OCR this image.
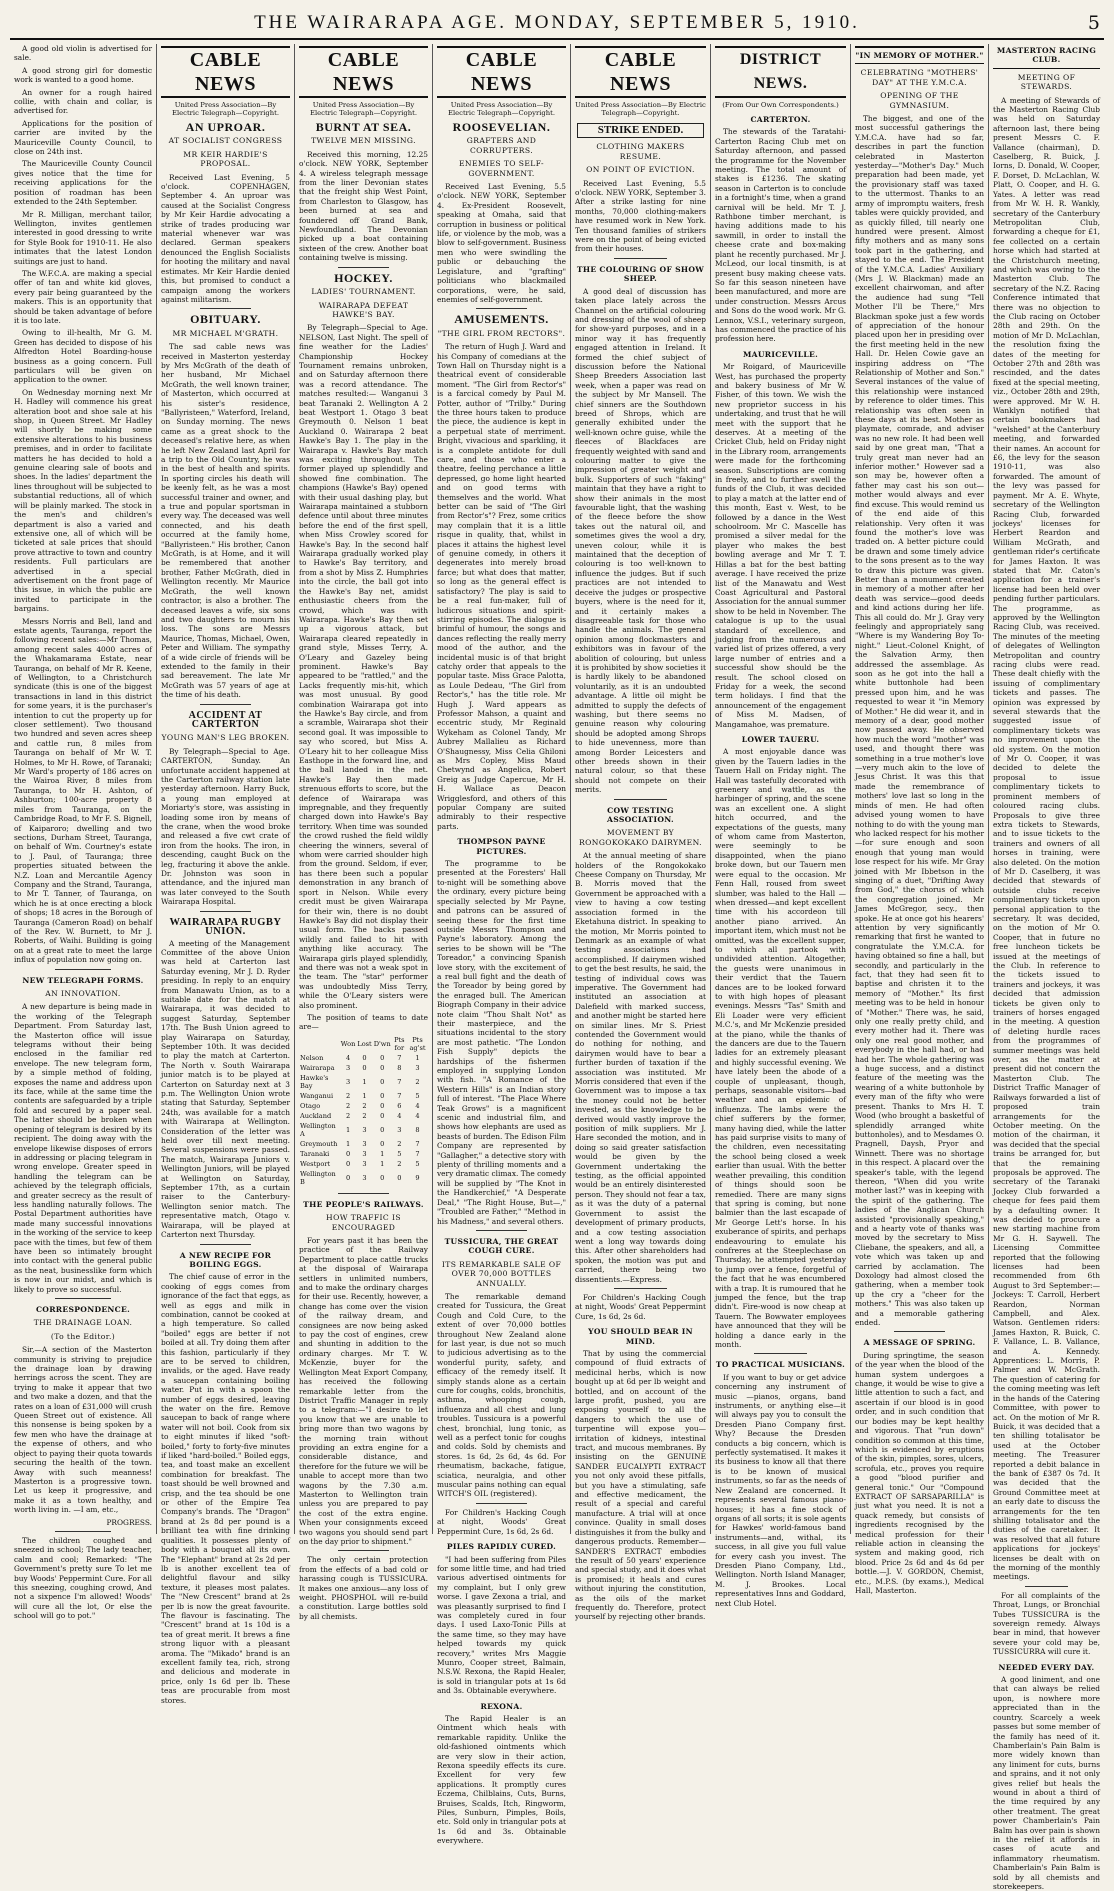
THE WAIRARAPA AGE. MONDAY, SEPTEMBER 5, 1910.	5

A good old violin is advertised for sale.

A good strong girl for domestic work is wanted to a good home.

An owner for a rough haired collie, with chain and collar, is advertised for.

Applications for the position of carrier are invited by the Mauriceville County Council, to close on 24th inst.

The Mauriceville County Council gives notice that the time for receiving applications for the position of roadman has been extended to the 24th September.

Mr R. Milligan, merchant tailor, Wellington, invites gentlemen interested in good dressing to write for Style Book for 1910-11. He also intimates that the latest London suitings are just to hand.

The W.F.C.A. are making a special offer of tan and white kid gloves, every pair being guaranteed by the makers. This is an opportunity that should be taken advantage of before it is too late.

Owing to ill-health, Mr G. M. Green has decided to dispose of his Alfredton Hotel Boarding-house business as a going concern. Full particulars will be given on application to the owner.

On Wednesday morning next Mr H. Hadley will commence his great alteration boot and shoe sale at his shop, in Queen Street. Mr Hadley will shortly be making some extensive alterations to his business premises, and in order to facilitate matters he has decided to hold a genuine clearing sale of boots and shoes. In the ladies' department the lines throughout will be subjected to substantial reductions, all of which will be plainly marked. The stock in the men's and children's department is also a varied and extensive one, all of which will be ticketed at sale prices that should prove attractive to town and country residents. Full particulars are advertised in a special advertisement on the front page of this issue, in which the public are invited to participate in the bargains.

Messrs Norris and Bell, land and estate agents, Tauranga, report the following recent sales:—Mr Thomas, among recent sales 4000 acres of the Whakamarama Estate, near Tauranga, on behalf of Mr R. Keene, of Wellington, to a Christchurch syndicate (this is one of the biggest transactions in land in this district for some years, it is the purchaser's intention to cut the property up for closer settlement). Two thousand two hundred and seven acres sheep and cattle run, 8 miles from Tauranga on behalf of Mr W. T. Holmes, to Mr H. Rowe, of Taranaki; Mr Ward's property of 186 acres on the Wairoa River, 8 miles from Tauranga, to Mr H. Ashton, of Ashburton; 100-acre property 8 miles from Tauranga, on the Cambridge Road, to Mr F. S. Bignell, of Kaiparoro; dwelling and two sections, Durham Street, Tauranga, on behalf of Wm. Courtney's estate to J. Paul, of Tauranga; three properties situated between the N.Z. Loan and Mercantile Agency Company and the Strand, Tauranga, to Mr T. Tanner, of Tauranga, on which he is at once erecting a block of shops; 18 acres in the Borough of Tauranga (Cameron Road) on behalf of the Rev. W. Burnett, to Mr J. Roberts, of Waihi. Building is going on at a great rate to meet the large influx of population now going on.

NEW TELEGRAPH FORMS.
AN INNOVATION.

A new departure is being made in the working of the Telegraph Department. From Saturday last, the Masterton office will issue telegrams without their being enclosed in the familiar red envelope. The new telegram form, by a simple method of folding, exposes the name and address upon its face, while at the same time the contents are safeguarded by a triple fold and secured by a paper seal. The latter should be broken when opening of telegram is desired by its recipient. The doing away with the envelope likewise disposes of errors in addressing or placing telegram in wrong envelope. Greater speed in handling the telegram can be achieved by the telegraph officials, and greater secrecy as the result of less handling naturally follows. The Postal Department authorities have made many successful innovations in the working of the service to keep pace with the times, but few of them have been so intimately brought into contact with the general public as the neat, businesslike form which is now in our midst, and which is likely to prove so successful.

CORRESPONDENCE.
THE DRAINAGE LOAN.
(To the Editor.)

Sir,—A section of the Masterton community is striving to prejudice the drainage loan by drawing herrings across the scent. They are trying to make it appear that two and two make a dozen, and that the rates on a loan of £31,000 will crush Queen Street out of existence. All this nonsense is being spoken by a few men who have the drainage at the expense of others, and who object to paying their quota towards securing the health of the town. Away with such meanness! Masterton is a progressive town. Let us keep it progressive, and make it as a town healthy, and worth living in. —I am, etc.,

PROGRESS.

The children coughed and sneezed in school; The lady teacher, calm and cool; Remarked: "The Government's pretty sure To let me buy Woods' Peppermint Cure. For all this sneezing, coughing crowd, And not a sixpence I'm allowed! Woods' will cure all the lot, Or else the school will go to pot."

CABLE NEWS
United Press Association—By Electric Telegraph—Copyright.
AN UPROAR.
AT SOCIALIST CONGRESS
MR KEIR HARDIE'S PROPOSAL.

Received Last Evening, 5 o'clock. COPENHAGEN, September 4. An uproar was caused at the Socialist Congress by Mr Keir Hardie advocating a strike of trades producing war material whenever war was declared. German speakers denounced the English Socialists for hooting the military and naval estimates. Mr Keir Hardie denied this, but promised to conduct a campaign among the workers against militarism.

OBITUARY.
MR MICHAEL M'GRATH.

The sad cable news was received in Masterton yesterday by Mrs McGrath of the death of her husband, Mr Michael McGrath, the well known trainer, of Masterton, which occurred at his sister's residence, "Ballyristeen," Waterford, Ireland, on Sunday morning. The news came as a great shock to the deceased's relative here, as when he left New Zealand last April for a trip to the Old Country, he was in the best of health and spirits. In sporting circles his death will be keenly felt, as he was a most successful trainer and owner, and a true and popular sportsman in every way. The deceased was well connected, and his death occurred at the family home, "Ballyristeen." His brother, Canon McGrath, is at Home, and it will be remembered that another brother, Father McGrath, died in Wellington recently. Mr Maurice McGrath, the well known contractor, is also a brother. The deceased leaves a wife, six sons and two daughters to mourn his loss. The sons are Messrs Maurice, Thomas, Michael, Owen, Peter and William. The sympathy of a wide circle of friends will be extended to the family in their sad bereavement. The late Mr McGrath was 57 years of age at the time of his death.

ACCIDENT AT CARTERTON
YOUNG MAN'S LEG BROKEN.

By Telegraph—Special to Age. CARTERTON, Sunday. An unfortunate accident happened at the Carterton railway station late yesterday afternoon. Harry Buck, a young man employed at Moriarty's store, was assisting in loading some iron by means of the crane, when the wood broke and released a five cwt crate of iron from the hooks. The iron, in descending, caught Buck on the leg, fracturing it above the ankle. Dr. Johnston was soon in attendance, and the injured man was later conveyed to the South Wairarapa Hospital.

WAIRARAPA RUGBY UNION.

A meeting of the Management Committee of the above Union was held at Carterton last Saturday evening, Mr J. D. Ryder presiding. In reply to an enquiry from Manawatu Union, as to a suitable date for the match at Wairarapa, it was decided to suggest Saturday, September 17th. The Bush Union agreed to play Wairarapa on Saturday, September 10th. It was decided to play the match at Carterton. The North v. South Wairarapa junior match is to be played at Carterton on Saturday next at 3 p.m. The Wellington Union wrote stating that Saturday, September 24th, was available for a match with Wairarapa at Wellington. Consideration of the letter was held over till next meeting. Several suspensions were passed. The match, Wairarapa Juniors v. Wellington Juniors, will be played at Wellington on Saturday, September 17th, as a curtain raiser to the Canterbury-Wellington senior match. The representative match, Otago v. Wairarapa, will be played at Carterton next Thursday.

A NEW RECIPE FOR BOILING EGGS.

The chief cause of error in the cooking of eggs comes from ignorance of the fact that eggs, as well as eggs and milk in combination, cannot be cooked at a high temperature. So called "boiled" eggs are better if not boiled at all. Try doing them after this fashion, particularly if they are to be served to children, invalids, or the aged. Have ready a saucepan containing boiling water. Put in with a spoon the number of eggs desired, leaving the water on the fire. Remove saucepan to back of range where water will not boil. Cook from six to eight minutes if liked "soft-boiled," forty to forty-five minutes if liked "hard-boiled." Boiled eggs, tea, and toast make an excellent combination for breakfast. The toast should be well browned and crisp, and the tea should be one or other of the Empire Tea Company's brands. The "Dragon" brand at 2s 8d per pound is a brilliant tea with fine drinking qualities. It possesses plenty of body with a bouquet all its own. The "Elephant" brand at 2s 2d per lb is another excellent tea of delightful flavour and silky texture, it pleases most palates. The "New Crescent" brand at 2s per lb is now the great favourite. The flavour is fascinating. The "Crescent" brand at 1s 10d is a tea of great merit. It brews a fine strong liquor with a pleasant aroma. The "Mikado" brand is an excellent family tea, rich, strong and delicious and moderate in price, only 1s 6d per lb. These teas are procurable from most stores.

CABLE NEWS
United Press Association—By Electric Telegraph—Copyright.
BURNT AT SEA.
TWELVE MEN MISSING.

Received this morning, 12.25 o'clock. NEW YORK, September 4. A wireless telegraph message from the liner Devonian states that the freight ship West Point, from Charleston to Glasgow, has been burned at sea and foundered off Grand Bank, Newfoundland. The Devonian picked up a boat containing sixteen of the crew. Another boat containing twelve is missing.

HOCKEY.
LADIES' TOURNAMENT.
WAIRARAPA DEFEAT HAWKE'S BAY.

By Telegraph—Special to Age. NELSON, Last Night. The spell of fine weather for the Ladies' Championship Hockey Tournament remains unbroken, and on Saturday afternoon there was a record attendance. The matches resulted:— Wanganui 3 beat Taranaki 2. Wellington A 2 beat Westport 1. Otago 3 beat Greymouth 0. Nelson 1 beat Auckland 0. Wairarapa 2 beat Hawke's Bay 1. The play in the Wairarapa v. Hawke's Bay match was exciting throughout. The former played up splendidly and showed fine combination. The champions (Hawke's Bay) opened with their usual dashing play, but Wairarapa maintained a stubborn defence until about three minutes before the end of the first spell, when Miss Crowley scored for Hawke's Bay. In the second half Wairarapa gradually worked play to Hawke's Bay territory, and from a shot by Miss Z. Humphries into the circle, the ball got into the Hawke's Bay net, amidst enthusiastic cheers from the crowd, which was with Wairarapa. Hawke's Bay then set up a vigorous attack, but Wairarapa cleared repeatedly in grand style, Misses Terry, A. O'Leary and Gazeley being prominent. Hawke's Bay appeared to be "rattled," and the Lacks frequently mis-hit, which was most unusual. By good combination Wairarapa got into the Hawke's Bay circle, and from a scramble, Wairarapa shot their second goal. It was impossible to say who scored, but Miss A. O'Leary hit to her colleague Miss Easthope in the forward line, and the ball landed in the net. Hawke's Bay then made strenuous efforts to score, but the defence of Wairarapa was impregnable, and they frequently charged down into Hawke's Bay territory. When time was sounded the crowd rushed the field wildly cheering the winners, several of whom were carried shoulder high from the ground. Seldom, if ever, has there been such a popular demonstration in any branch of sport in Nelson. While every credit must be given Wairarapa for their win, there is no doubt Hawke's Bay did not display their usual form. The backs passed wildly and failed to hit with anything like accuracy. The Wairarapa girls played splendidly, and there was not a weak spot in the team. The "star" performer was undoubtedly Miss Terry, while the O'Leary sisters were also prominent.

The position of teams to date are—

	Won	Lost	D'wn	Pts for	Pts ag'st
Nelson	4	0	0	7	1
Wairarapa	3	0	0	8	3
Hawke's Bay	3	1	0	7	2
Wanganui	2	1	0	7	5
Otago	2	2	0	6	4
Auckland	2	2	0	4	4
Wellington A	1	3	0	3	8
Greymouth	1	3	0	2	7
Taranaki	0	3	1	5	7
Westport	0	3	1	2	5
Wellington B	0	3	0	0	9
THE PEOPLE'S RAILWAYS.
HOW TRAFFIC IS ENCOURAGED

For years past it has been the practice of the Railway Department to place cattle trucks at the disposal of Wairarapa settlers in unlimited numbers, and to make the ordinary charges for their use. Recently, however, a change has come over the vision of the railway dream, and consignees are now being asked to pay the cost of engines, crew and shunting in addition to the ordinary charges. Mr T. W. McKenzie, buyer for the Wellington Meat Export Company, has received the following remarkable letter from the District Traffic Manager in reply to a telegram:—"I desire to let you know that we are unable to bring more than two wagons by the morning train without providing an extra engine for a considerable distance, and therefore for the future we will be unable to accept more than two wagons by the 7.30 a.m. Masterton to Wellington train unless you are prepared to pay the cost of the extra engine. When your consignments exceed two wagons you should send part on the day prior to shipment."

The only certain protection from the effects of a bad cold or harassing cough is TUSSICURA. It makes one anxious—any loss of weight. PHOSPHOL will re-build a constitution. Large bottles sold by all chemists.

CABLE NEWS
United Press Association—By Electric Telegraph—Copyright.
ROOSEVELIAN.
GRAFTERS AND CORRUPTERS.
ENEMIES TO SELF-GOVERNMENT.

Received Last Evening, 5.5 o'clock. NEW YORK, September 4. Ex-President Roosevelt, speaking at Omaha, said that corruption in business or political life, or violence by the mob, was a blow to self-government. Business men who were swindling the public or debauching the Legislature, and "grafting" politicians who blackmailed corporations, were, he said, enemies of self-government.

AMUSEMENTS.
"THE GIRL FROM RECTORS".

The return of Hugh J. Ward and his Company of comedians at the Town Hall on Thursday night is a theatrical event of considerable moment. "The Girl from Rector's" is a farcical comedy by Paul M. Potter, author of "Trilby." During the three hours taken to produce the piece, the audience is kept in a perpetual state of merriment. Bright, vivacious and sparkling, it is a complete antidote for dull care, and those who enter a theatre, feeling perchance a little depressed, go home light hearted and on good terms with themselves and the world. What better can be said of "The Girl from Rector's"? Frez, some critics may complain that it is a little risque in quality, that, whilst in places it attains the highest level of genuine comedy, in others it degenerates into merely broad farce; but what does that matter, so long as the general effect is satisfactory? The play is said to be a real fun-maker, full of ludicrous situations and spirit-stirring episodes. The dialogue is brimful of humour, the songs and dances reflecting the really merry mood of the author, and the incidental music is of that bright catchy order that appeals to the popular taste. Miss Grace Palotta, as Loule Dedeau, "The Girl from Rector's," has the title role. Mr Hugh J. Ward appears as Professor Mahson, a quaint and eccentric study, Mr Reginald Wykeham as Colonel Tandy, Mr Aubrey Mallalieu as Richard O'Shaugnessy, Miss Celia Ghiloni as Mrs Copley, Miss Maud Chetwynd as Angelica, Robert Greig as Judge Capercue, Mr H. H. Wallace as Deacon Wrigglesford, and others of this popular Company are suited admirably to their respective parts.

THOMPSON PAYNE PICTURES.

The programme to be presented at the Foresters' Hall to-night will be something above the ordinary, every picture being specially selected by Mr Payne, and patrons can be assured of seeing these for the first time outside Messrs Thompson and Payne's laboratory. Among the series to be shown will be "The Toreador," a convincing Spanish love story, with the excitement of a real bull fight and the death of the Toreador by being gored by the enraged bull. The American Biograph Company in their advice note claim "Thou Shalt Not" as their masterpiece, and the situations incidental to the story are most pathetic. "The London Fish Supply" depicts the hardships of the fishermen employed in supplying London with fish. "A Romance of the Western Hills" is an Indian story full of interest. "The Place Where Teak Grows" is a magnificent scenic and industrial film, and shows how elephants are used as beasts of burden. The Edison Film Company are represented by "Gallagher," a detective story with plenty of thrilling moments and a very dramatic climax. The comedy will be supplied by "The Knot in the Handkerchief," "A Desperate Deal," "The Right House, But—," "Troubled are Father," "Method in his Madness," and several others.

TUSSICURA, THE GREAT COUGH CURE.
ITS REMARKABLE SALE OF OVER 70,000 BOTTLES ANNUALLY.

The remarkable demand created for Tussicura, the Great Cough and Cold Cure, to the extent of over 70,000 bottles throughout New Zealand alone for last year, is due not so much to judicious advertising as to the wonderful purity, safety, and efficacy of the remedy itself. It simply stands alone as a certain cure for coughs, colds, bronchitis, asthma, whooping cough, influenza and all chest and lung troubles. Tussicura is a powerful chest, bronchial, lung tonic, as well as a perfect tonic for coughs and colds. Sold by chemists and stores. 1s 6d, 2s 6d, 4s 6d. For rheumatism, backache, fatigue, sciatica, neuralgia, and other muscular pains nothing can equal WITCH'S OIL (registered).

For Children's Hacking Cough at night, Woods' Great Peppermint Cure, 1s 6d, 2s 6d.

PILES RAPIDLY CURED.

"I had been suffering from Piles for some little time, and had tried various advertised ointments for my complaint, but I only grew worse. I gave Zexona a trial, and was pleasantly surprised to find I was completely cured in four days. I used Laxo-Tonic Pills at the same time, so they may have helped towards my quick recovery," writes Mrs Maggie Munro, Cooper street, Balmain, N.S.W. Rexona, the Rapid Healer, is sold in triangular pots at 1s 6d and 3s. Obtainable everywhere.

REXONA.

The Rapid Healer is an Ointment which heals with remarkable rapidity. Unlike the old-fashioned ointments which are very slow in their action, Rexona speedily effects its cure. Excellent for very few applications. It promptly cures Eczema, Chilblains, Cuts, Burns, Bruises, Scalds, Itch, Ringworm, Piles, Sunburn, Pimples, Boils, etc. Sold only in triangular pots at 1s 6d and 3s. Obtainable everywhere.

CABLE NEWS
United Press Association—By Electric Telegraph—Copyright.
STRIKE ENDED.
CLOTHING MAKERS RESUME.
ON POINT OF EVICTION.

Received Last Evening, 5.5 o'clock. NEW YORK, September 3. After a strike lasting for nine months, 70,000 clothing-makers have resumed work in New York. Ten thousand families of strikers were on the point of being evicted from their houses.

THE COLOURING OF SHOW SHEEP.

A good deal of discussion has taken place lately across the Channel on the artificial colouring and dressing of the wool of sheep for show-yard purposes, and in a minor way it has frequently engaged attention in Ireland. It formed the chief subject of discussion before the National Sheep Breeders Association last week, when a paper was read on the subject by Mr Mansell. The chief sinners are the Southdown breed of Shrops, which are generally exhibited under the well-known ochre guise, while the fleeces of Blackfaces are frequently weighted with sand and colouring matter to give the impression of greater weight and bulk. Supporters of such "faking" maintain that they have a right to show their animals in the most favourable light, that the washing of the fleece before the show takes out the natural oil, and sometimes gives the wool a dry, uneven colour, while it is maintained that the deception of colouring is too well-known to influence the judges. But if such practices are not intended to deceive the judges or prospective buyers, where is the need for it, and it certainly makes a disagreeable task for those who handle the animals. The general opinion among flockmasters and exhibitors was in favour of the abolition of colouring, but unless it is prohibited by show societies it is hardly likely to be abandoned voluntarily, as it is an undoubted advantage. A little oil might be admitted to supply the defects of washing, but there seems no genuine reason why colouring should be adopted among Shrops to hide unevenness, more than among Border Leicesters and other breeds shown in their natural colour, so that these should not compete on their merits.

COW TESTING ASSOCIATION.
MOVEMENT BY RONGOKOKAKO DAIRYMEN.

At the annual meeting of share holders of the Rongokokako Cheese Company on Thursday, Mr B. Morris moved that the Government be approached with a view to having a cow testing association formed in the Eketahuna district. In speaking to the motion, Mr Morris pointed to Denmark as an example of what testing associations had accomplished. If dairymen wished to get the best results, he said, the testing of individual cows was imperative. The Government had instituted an association at Dalefield with marked success, and another might be started here on similar lines. Mr S. Priest contended the Government would do nothing for nothing, and dairymen would have to bear a further burden of taxation if the association was instituted. Mr Morris considered that even if the Government was to impose a tax the money could not be better invested, as the knowledge to be derived would vastly improve the position of milk suppliers. Mr J. Hare seconded the motion, and in doing so said greater satisfaction would be given by the Government undertaking the testing, as the official appointed would be an entirely disinterested person. They should not fear a tax, as it was the duty of a paternal Government to assist the development of primary products, and a cow testing association went a long way towards doing this. After other shareholders had spoken, the motion was put and carried, there being two dissentients.—Express.

For Children's Hacking Cough at night, Woods' Great Peppermint Cure, 1s 6d, 2s 6d.

YOU SHOULD BEAR IN MIND.

That by using the commercial compound of fluid extracts of medicinal herbs, which is now bought up at 6d per lb weight and bottled, and on account of the large profit, pushed, you are exposing yourself to all the dangers to which the use of turpentine will expose you—irritation of kidneys, intestinal tract, and mucous membranes. By insisting on the GENUINE SANDER EUCALYPTI EXTRACT you not only avoid these pitfalls, but you have a stimulating, safe and effective medicament, the result of a special and careful manufacture. A trial will at once convince. Quality in small doses distinguishes it from the bulky and dangerous products. Remember—SANDER'S EXTRACT embodies the result of 50 years' experience and special study, and it does what is promised; it heals and cures without injuring the constitution, as the oils of the market frequently do. Therefore, protect yourself by rejecting other brands.

DISTRICT NEWS.
(From Our Own Correspondents.)
CARTERTON.

The stewards of the Taratahi-Carterton Racing Club met on Saturday afternoon, and passed the programme for the November meeting. The total amount of stakes is £1236. The skating season in Carterton is to conclude in a fortnight's time, when a grand carnival will be held. Mr T. J. Rathbone timber merchant, is having additions made to his sawmill, in order to install the cheese crate and box-making plant he recently purchased. Mr J. McLeod, our local tinsmith, is at present busy making cheese vats. So far this season nineteen have been manufactured, and more are under construction. Messrs Arcus and Sons do the wood work. Mr G. Lennox, V.S.I., veterinary surgeon, has commenced the practice of his profession here.

MAURICEVILLE.

Mr Roigard, of Mauriceville West, has purchased the property and bakery business of Mr W. Fisher, of this town. We wish the new proprietor success in his undertaking, and trust that he will meet with the support that he deserves. At a meeting of the Cricket Club, held on Friday night in the Library room, arrangements were made for the forthcoming season. Subscriptions are coming in freely, and to further swell the funds of the Club, it was decided to play a match at the latter end of this month, East v. West, to be followed by a dance in the West schoolroom. Mr C. Mascelle has promised a silver medal for the player who makes the best bowling average and Mr T. T. Hillas a bat for the best batting average. I have received the prize list of the Manawatu and West Coast Agricultural and Pastoral Association for the annual summer show to be held in November. The catalogue is up to the usual standard of excellence, and judging from the numerous and varied list of prizes offered, a very large number of entries and a successful show should be the result. The school closed on Friday for a week, the second term holidays. I find that the announcement of the engagement of Miss M. Madsen, of Mangamahoe, was premature.

LOWER TAUERU.

A most enjoyable dance was given by the Tauern ladies in the Tauern Hall on Friday night. The Hall was tastefully decorated with greenery and wattle, as the harbinger of spring, and the scene was an excellent one. A slight hitch occurred, and the expectations of the guests, many of whom came from Masterton, were seemingly to be disappointed, when the piano broke down, but our Tauern men were equal to the occasion. Mr Fenn Hall, roused from sweet slumber, was haled to the Hall —when dressed—and kept excellent time with his accordeon till another piano arrived. An important item, which must not be omitted, was the excellent supper, to which all partook with undivided attention. Altogether, the guests were unanimous in their verdict that the Tauern dances are to be looked forward to with high hopes of pleasant evenings. Messrs "Tas" Smith and Eli Loader were very efficient M.C.'s, and Mr McKenzie presided at the piano, while the thanks of the dancers are due to the Tauern ladies for an extremely pleasant and highly successful evening. We have lately been the abode of a couple of unpleasant, though, perhaps, seasonable visitors—bad weather and an epidemic of influenza. The lambs were the chief sufferers by the former, many having died, while the latter has paid surprise visits to many of the children, even necessitating the school being closed a week earlier than usual. With the better weather prevailing, this condition of things should soon be remedied. There are many signs that spring is coming, but none balmier than the last escapade of Mr George Lett's horse. In his exuberance of spirits, and perhaps endeavouring to emulate his confreres at the Steeplechase on Thursday, he attempted yesterday to jump over a fence, forgetful of the fact that he was encumbered with a trap. It is rumoured that he jumped the fence, but the trap didn't. Fire-wood is now cheap at Tauern. The Bowwater employees have announced that they will be holding a dance early in the month.

TO PRACTICAL MUSICIANS.

If you want to buy or get advice concerning any instrument of music —pianos, organs, band instruments, or anything else—it will always pay you to consult the Dresden Piano Company first. Why? Because the Dresden conducts a big concern, which is perfectly systematised. It makes it its business to know all that there is to be known of musical instruments, so far as the needs of New Zealand are concerned. It represents several famous piano-houses; it has a fine stock of organs of all sorts; it is sole agents for Hawkes' world-famous band instruments—and, withal, its success, in all give you full value for every cash you invest. The Dresden Piano Company, Ltd., Wellington. North Island Manager, M. J. Brookes. Local representatives Inns and Goddard, next Club Hotel.

"IN MEMORY OF MOTHER."
CELEBRATING "MOTHERS' DAY" AT THE Y.M.C.A.
OPENING OF THE GYMNASIUM.

The biggest, and one of the most successful gatherings the Y.M.C.A. have had so far, describes in part the function celebrated in Masterton yesterday—"Mother's Day." Much preparation had been made, yet the provisionary staff was taxed to the uttermost. Thanks to an army of impromptu waiters, fresh tables were quickly provided, and as quickly filled, till nearly one hundred were present. Almost fifty mothers and as many sons took part in the gathering, and stayed to the end. The President of the Y.M.C.A. Ladies' Auxiliary (Mrs J. W. Blackman) made an excellent chairwoman, and after the audience had sung "Tell Mother I'll be There," Mrs Blackman spoke just a few words of appreciation of the honour placed upon her in presiding over the first meeting held in the new Hall. Dr. Helen Cowie gave an inspiring address on "The Relationship of Mother and Son." Several instances of the value of this relationship were instanced by reference to older times. This relationship was often seen in these days at its best. Mother as playmate, comrade, and adviser was no new role. It had been well said by one great man, "That a truly great man never had an inferior mother." However sad a son may be, however often a father may cast his son out—mother would always and ever find excuse. This would remind us of the end aide of this relationship. Very often it was found the mother's love was traded on. A better picture could be drawn and some timely advice to the sons present as to the way to draw this picture was given. Better than a monument created in memory of a mother after her death was service—good deeds and kind actions during her life. This all could do. Mr J. Gray very feelingly and appropriately sang "Where is my Wandering Boy To-night." Lieut.-Colonel Knight, of the Salvation Army, then addressed the assemblage. As soon as he got into the hall a white buttonhole had been pressed upon him, and he was requested to wear it "in Memory of Mother." He did wear it, and in memory of a dear, good mother now passed away. He observed how much the word "mother" was used, and thought there was something in a true mother's love—very much akin to the love of Jesus Christ. It was this that made the remembrance of mothers' love last so long in the minds of men. He had often advised young women to have nothing to do with the young man who lacked respect for his mother—for sure enough and soon enough that young man would lose respect for his wife. Mr Gray joined with Mr Ibbetson in the singing of a duet, "Drifting Away from God," the chorus of which the congregation joined. Mr James McGregor, secy., then spoke. He at once got his hearers' attention by very significantly remarking that first he wanted to congratulate the Y.M.C.A. for having obtained so fine a hall, but secondly, and particularly in the fact, that they had seen fit to baptise and christen it to the memory of "Mother." Its first meeting was to be held in honour of "Mother." There was, he said, only one really pretty child, and every mother had it. There was only one real good mother, and everybody in the hall had, or had had her. The whole gathering was a huge success, and a distinct feature of the meeting was the wearing of a white buttonhole by every man of the fifty who were present. Thanks to Mrs H. T. Wood (who brought a basketful of splendidly arranged white buttonholes), and to Mesdames O. Pragnell, Daysh, Pryor and Winnett. There was no shortage in this respect. A placard over the speaker's table, with the legend thereon, "When did you write mother last?" was in keeping with the spirit of the gathering. The ladies of the Anglican Church assisted "provisionally speaking," and a hearty vote of thanks was moved by the secretary to Miss Cliebane, the speakers, and all, a vote which was taken up and carried by acclamation. The Doxology had almost closed the gathering, when a member took up the cry a "cheer for the mothers." This was also taken up and a memorable gathering ended.

A MESSAGE OF SPRING.

During springtime, the season of the year when the blood of the human system undergoes a change, it would be wise to give a little attention to such a fact, and ascertain if our blood is in good order, and in such condition that our bodies may be kept healthy and vigorous. That "run down" condition so common at this time, which is evidenced by eruptions of the skin, pimples, sores, ulcers, scrofula, etc., proves you require a good "blood purifier and general tonic." Our "Compound EXTRACT OF SARSAPARILLA" is just what you need. It is not a quack remedy, but consists of ingredients recognised by the medical profession for their reliable action in cleansing the system and making good, rich blood. Price 2s 6d and 4s 6d per bottle.—J. V. GORDON, Chemist, etc., M.P.S. (by exams.), Medical Hall, Masterton.

MASTERTON RACING CLUB.
MEETING OF STEWARDS.

A meeting of Stewards of the Masterton Racing Club was held on Saturday afternoon last, there being present Messrs C. F. Vallance (chairman), D. Caselberg, R. Buick, J. Iorns, D. Donald, W. Cooper, F. Dorset, D. McLachlan, W. Platt, O. Cooper, and H. G. Yates. A letter was read from Mr W. H. R. Wankly, secretary of the Canterbury Metropolitan Club, forwarding a cheque for £1, fee collected on a certain horse which had started at the Christchurch meeting, and which was owing to the Masterton Club. The secretary of the N.Z. Racing Conference intimated that there was no objection to the Club racing on October 28th and 29th. On the motion of Mr D. McLachlan, the resolution fixing the dates of the meeting for October 27th and 28th was rescinded, and the dates fixed at the special meeting, viz., October 28th and 29th, were approved. Mr W. H. Wanklyn notified that certain bookmakers had "welshed" at the Canterbury meeting, and forwarded their names. An account for £6, the levy for the season 1910-11, was also forwarded. The amount of the levy was passed for payment. Mr A. E. Whyte, secretary of the Wellington Racing Club, forwarded jockeys' licenses for Herbert Reardon and William McGrath, and gentleman rider's certificate for James Haxton. It was stated that Mr. Caton's application for a trainer's license had been held over pending further particulars. The programme, as approved by the Wellington Racing Club, was received. The minutes of the meeting of delegates of Wellington Metropolitan and country racing clubs were read. These dealt chiefly with the issuing of complimentary tickets and passes. The opinion was expressed by several stewards that the suggested issue of complimentary tickets was no improvement upon the old system. On the motion of Mr O. Cooper, it was decided to delete the proposal to issue complimentary tickets to prominent members of coloured racing clubs. Proposals to give three extra tickets to Stewards, and to issue tickets to the trainers and owners of all horses in training, were also deleted. On the motion of Mr D. Caselberg, it was decided that stewards of outside clubs receive complimentary tickets upon personal application to the secretary. It was decided, on the motion of Mr O. Cooper, that in future no free luncheon tickets be issued at the meetings of the Club. In reference to the tickets issued to trainers and jockeys, it was decided that admission tickets be given only to trainers of horses engaged in the meeting. A question of deleting hurdle races from the programmes of summer meetings was held over, as the matter at present did not concern the Masterton Club. The District Traffic Manager of Railways forwarded a list of proposed train arrangements for the October meeting. On the motion of the chairman, it was decided that the special trains be arranged for, but that the remaining proposals be approved. The secretary of the Taranaki Jockey Club forwarded a cheque for fees paid them by a defaulting owner. It was decided to procure a new starting machine from Mr G. H. Saywell. The Licensing Committee reported that the following licenses had been recommended from 6th August to 3rd September:—Jockeys: T. Carroll, Herbert Reardon, Norman Campbell, and Alex. Watson. Gentlemen riders: James Haxton, R. Buick, C. F. Vallance, L. B. Vallance, and A. Kennedy. Apprentices: L. Morris, P. Palmer and W. McGrath. The question of catering for the coming meeting was left in the hands of the Catering Committee, with power to act. On the motion of Mr R. Buick, it was decided that a ten shilling totalisator be used at the October meeting. The Treasurer reported a debit balance in the bank of £387 0s 7d. It was decided that the Ground Committee meet at an early date to discuss the arrangements for the ten shilling totalisator and the duties of the caretaker. It was resolved that all future applications for jockeys' licenses be dealt with on the morning of the monthly meetings.

For all complaints of the Throat, Lungs, or Bronchial Tubes TUSSICURA is the sovereign remedy. Always bear in mind, that however severe your cold may be, TUSSICURRA will cure it.

NEEDED EVERY DAY.

A good liniment, and one that can always be relied upon, is nowhere more appreciated than in the country. Scarcely a week passes but some member of the family has need of it. Chamberlain's Pain Balm is more widely known than any liniment for cuts, burns and sprains, and it not only gives relief but heals the wound in about a third of the time required by any other treatment. The great power Chamberlain's Pain Balm has over pain is shown in the relief it affords in cases of acute and inflammatory rheumatism. Chamberlain's Pain Balm is sold by all chemists and storekeepers.
